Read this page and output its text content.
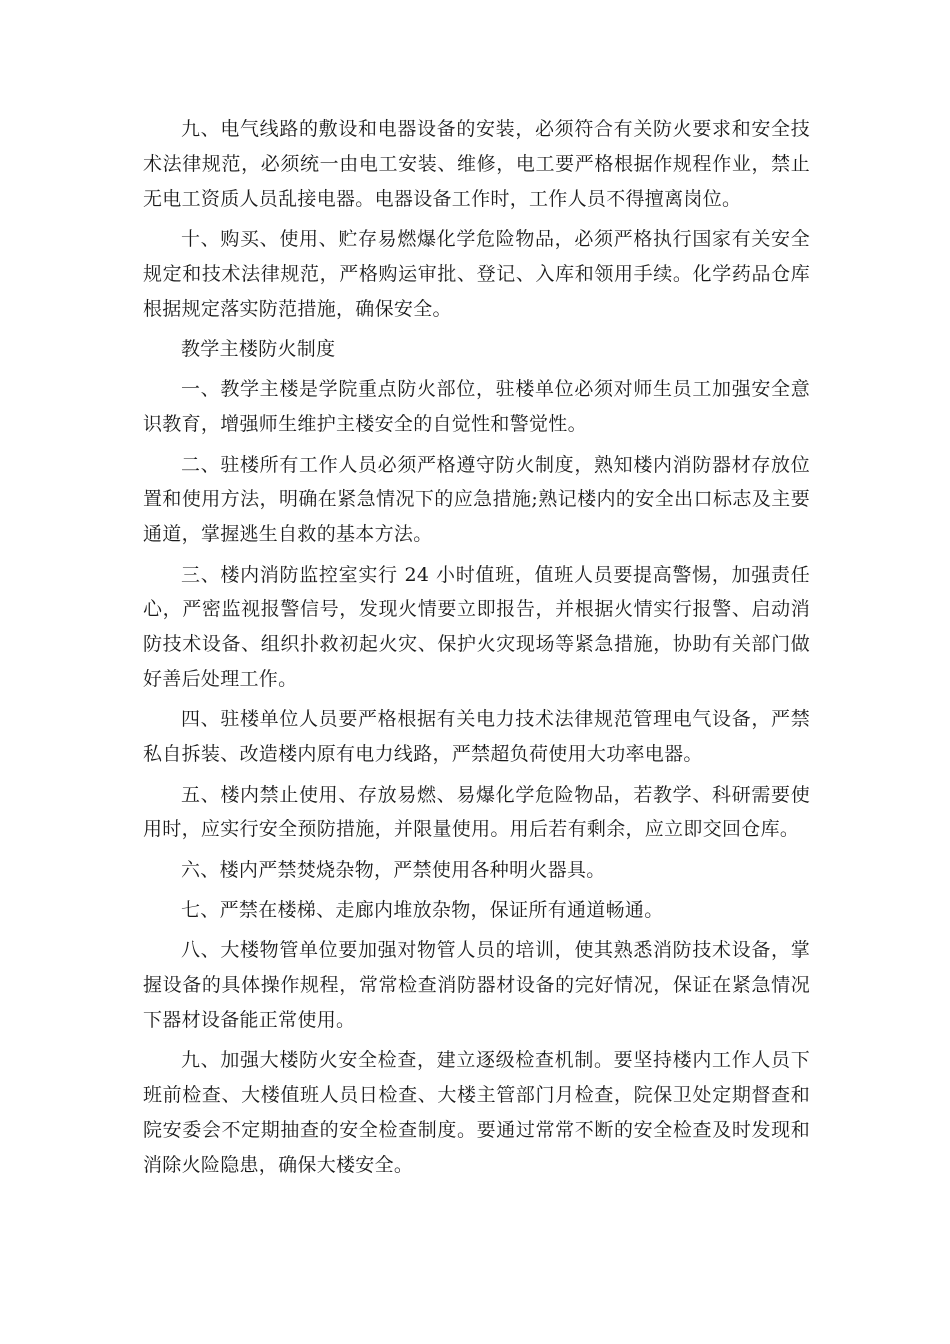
九、电气线路的敷设和电器设备的安装，必须符合有关防火要求和安全技术法律规范，必须统一由电工安装、维修，电工要严格根据作规程作业，禁止无电工资质人员乱接电器。电器设备工作时，工作人员不得擅离岗位。

十、购买、使用、贮存易燃爆化学危险物品，必须严格执行国家有关安全规定和技术法律规范，严格购运审批、登记、入库和领用手续。化学药品仓库根据规定落实防范措施，确保安全。

教学主楼防火制度

一、教学主楼是学院重点防火部位，驻楼单位必须对师生员工加强安全意识教育，增强师生维护主楼安全的自觉性和警觉性。

二、驻楼所有工作人员必须严格遵守防火制度，熟知楼内消防器材存放位置和使用方法，明确在紧急情况下的应急措施;熟记楼内的安全出口标志及主要通道，掌握逃生自救的基本方法。

三、楼内消防监控室实行 24 小时值班，值班人员要提高警惕，加强责任心，严密监视报警信号，发现火情要立即报告，并根据火情实行报警、启动消防技术设备、组织扑救初起火灾、保护火灾现场等紧急措施，协助有关部门做好善后处理工作。

四、驻楼单位人员要严格根据有关电力技术法律规范管理电气设备，严禁私自拆装、改造楼内原有电力线路，严禁超负荷使用大功率电器。

五、楼内禁止使用、存放易燃、易爆化学危险物品，若教学、科研需要使用时，应实行安全预防措施，并限量使用。用后若有剩余，应立即交回仓库。

六、楼内严禁焚烧杂物，严禁使用各种明火器具。

七、严禁在楼梯、走廊内堆放杂物，保证所有通道畅通。

八、大楼物管单位要加强对物管人员的培训，使其熟悉消防技术设备，掌握设备的具体操作规程，常常检查消防器材设备的完好情况，保证在紧急情况下器材设备能正常使用。

九、加强大楼防火安全检查，建立逐级检查机制。要坚持楼内工作人员下班前检查、大楼值班人员日检查、大楼主管部门月检查，院保卫处定期督查和院安委会不定期抽查的安全检查制度。要通过常常不断的安全检查及时发现和消除火险隐患，确保大楼安全。
